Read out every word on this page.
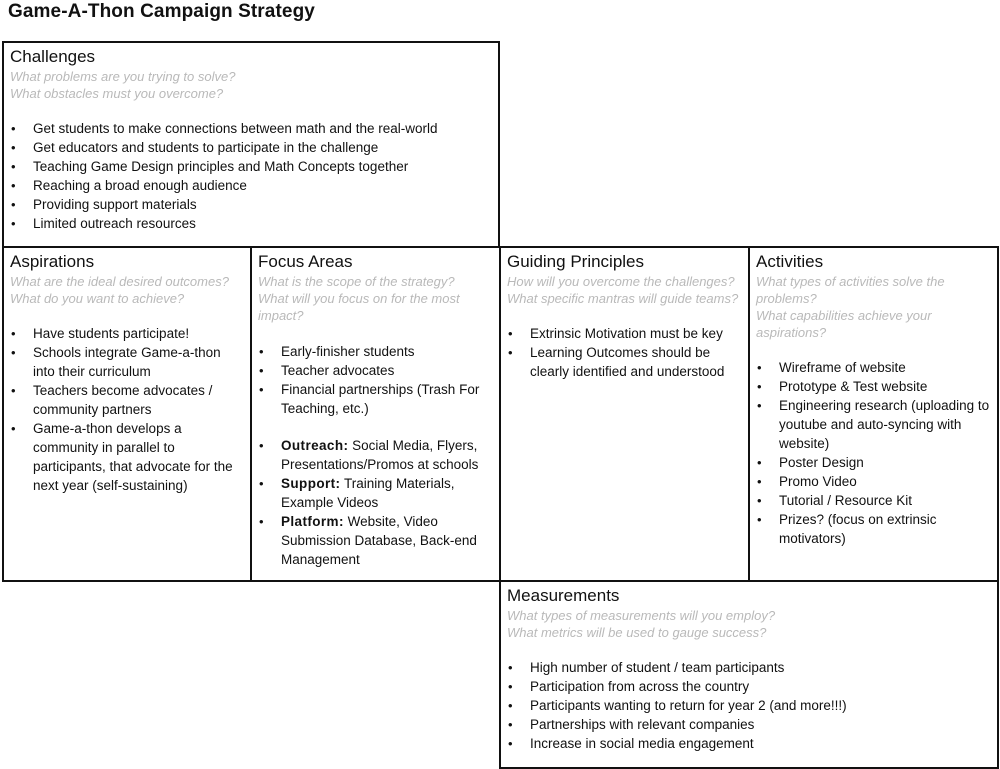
Game-A-Thon Campaign Strategy
Challenges
What problems are you trying to solve?
What obstacles must you overcome?
• Get students to make connections between math and the real-world
• Get educators and students to participate in the challenge
• Teaching Game Design principles and Math Concepts together
• Reaching a broad enough audience
• Providing support materials
• Limited outreach resources
Aspirations
What are the ideal desired outcomes?
What do you want to achieve?
• Have students participate!
• Schools integrate Game-a-thon into their curriculum
• Teachers become advocates / community partners
• Game-a-thon develops a community in parallel to participants, that advocate for the next year (self-sustaining)
Focus Areas
What is the scope of the strategy?
What will you focus on for the most impact?
• Early-finisher students
• Teacher advocates
• Financial partnerships (Trash For Teaching, etc.)
• Outreach: Social Media, Flyers, Presentations/Promos at schools
• Support: Training Materials, Example Videos
• Platform: Website, Video Submission Database, Back-end Management
Guiding Principles
How will you overcome the challenges?
What specific mantras will guide teams?
• Extrinsic Motivation must be key
• Learning Outcomes should be clearly identified and understood
Activities
What types of activities solve the problems?
What capabilities achieve your aspirations?
• Wireframe of website
• Prototype & Test website
• Engineering research (uploading to youtube and auto-syncing with website)
• Poster Design
• Promo Video
• Tutorial / Resource Kit
• Prizes? (focus on extrinsic motivators)
Measurements
What types of measurements will you employ?
What metrics will be used to gauge success?
• High number of student / team participants
• Participation from across the country
• Participants wanting to return for year 2 (and more!!!)
• Partnerships with relevant companies
• Increase in social media engagement
